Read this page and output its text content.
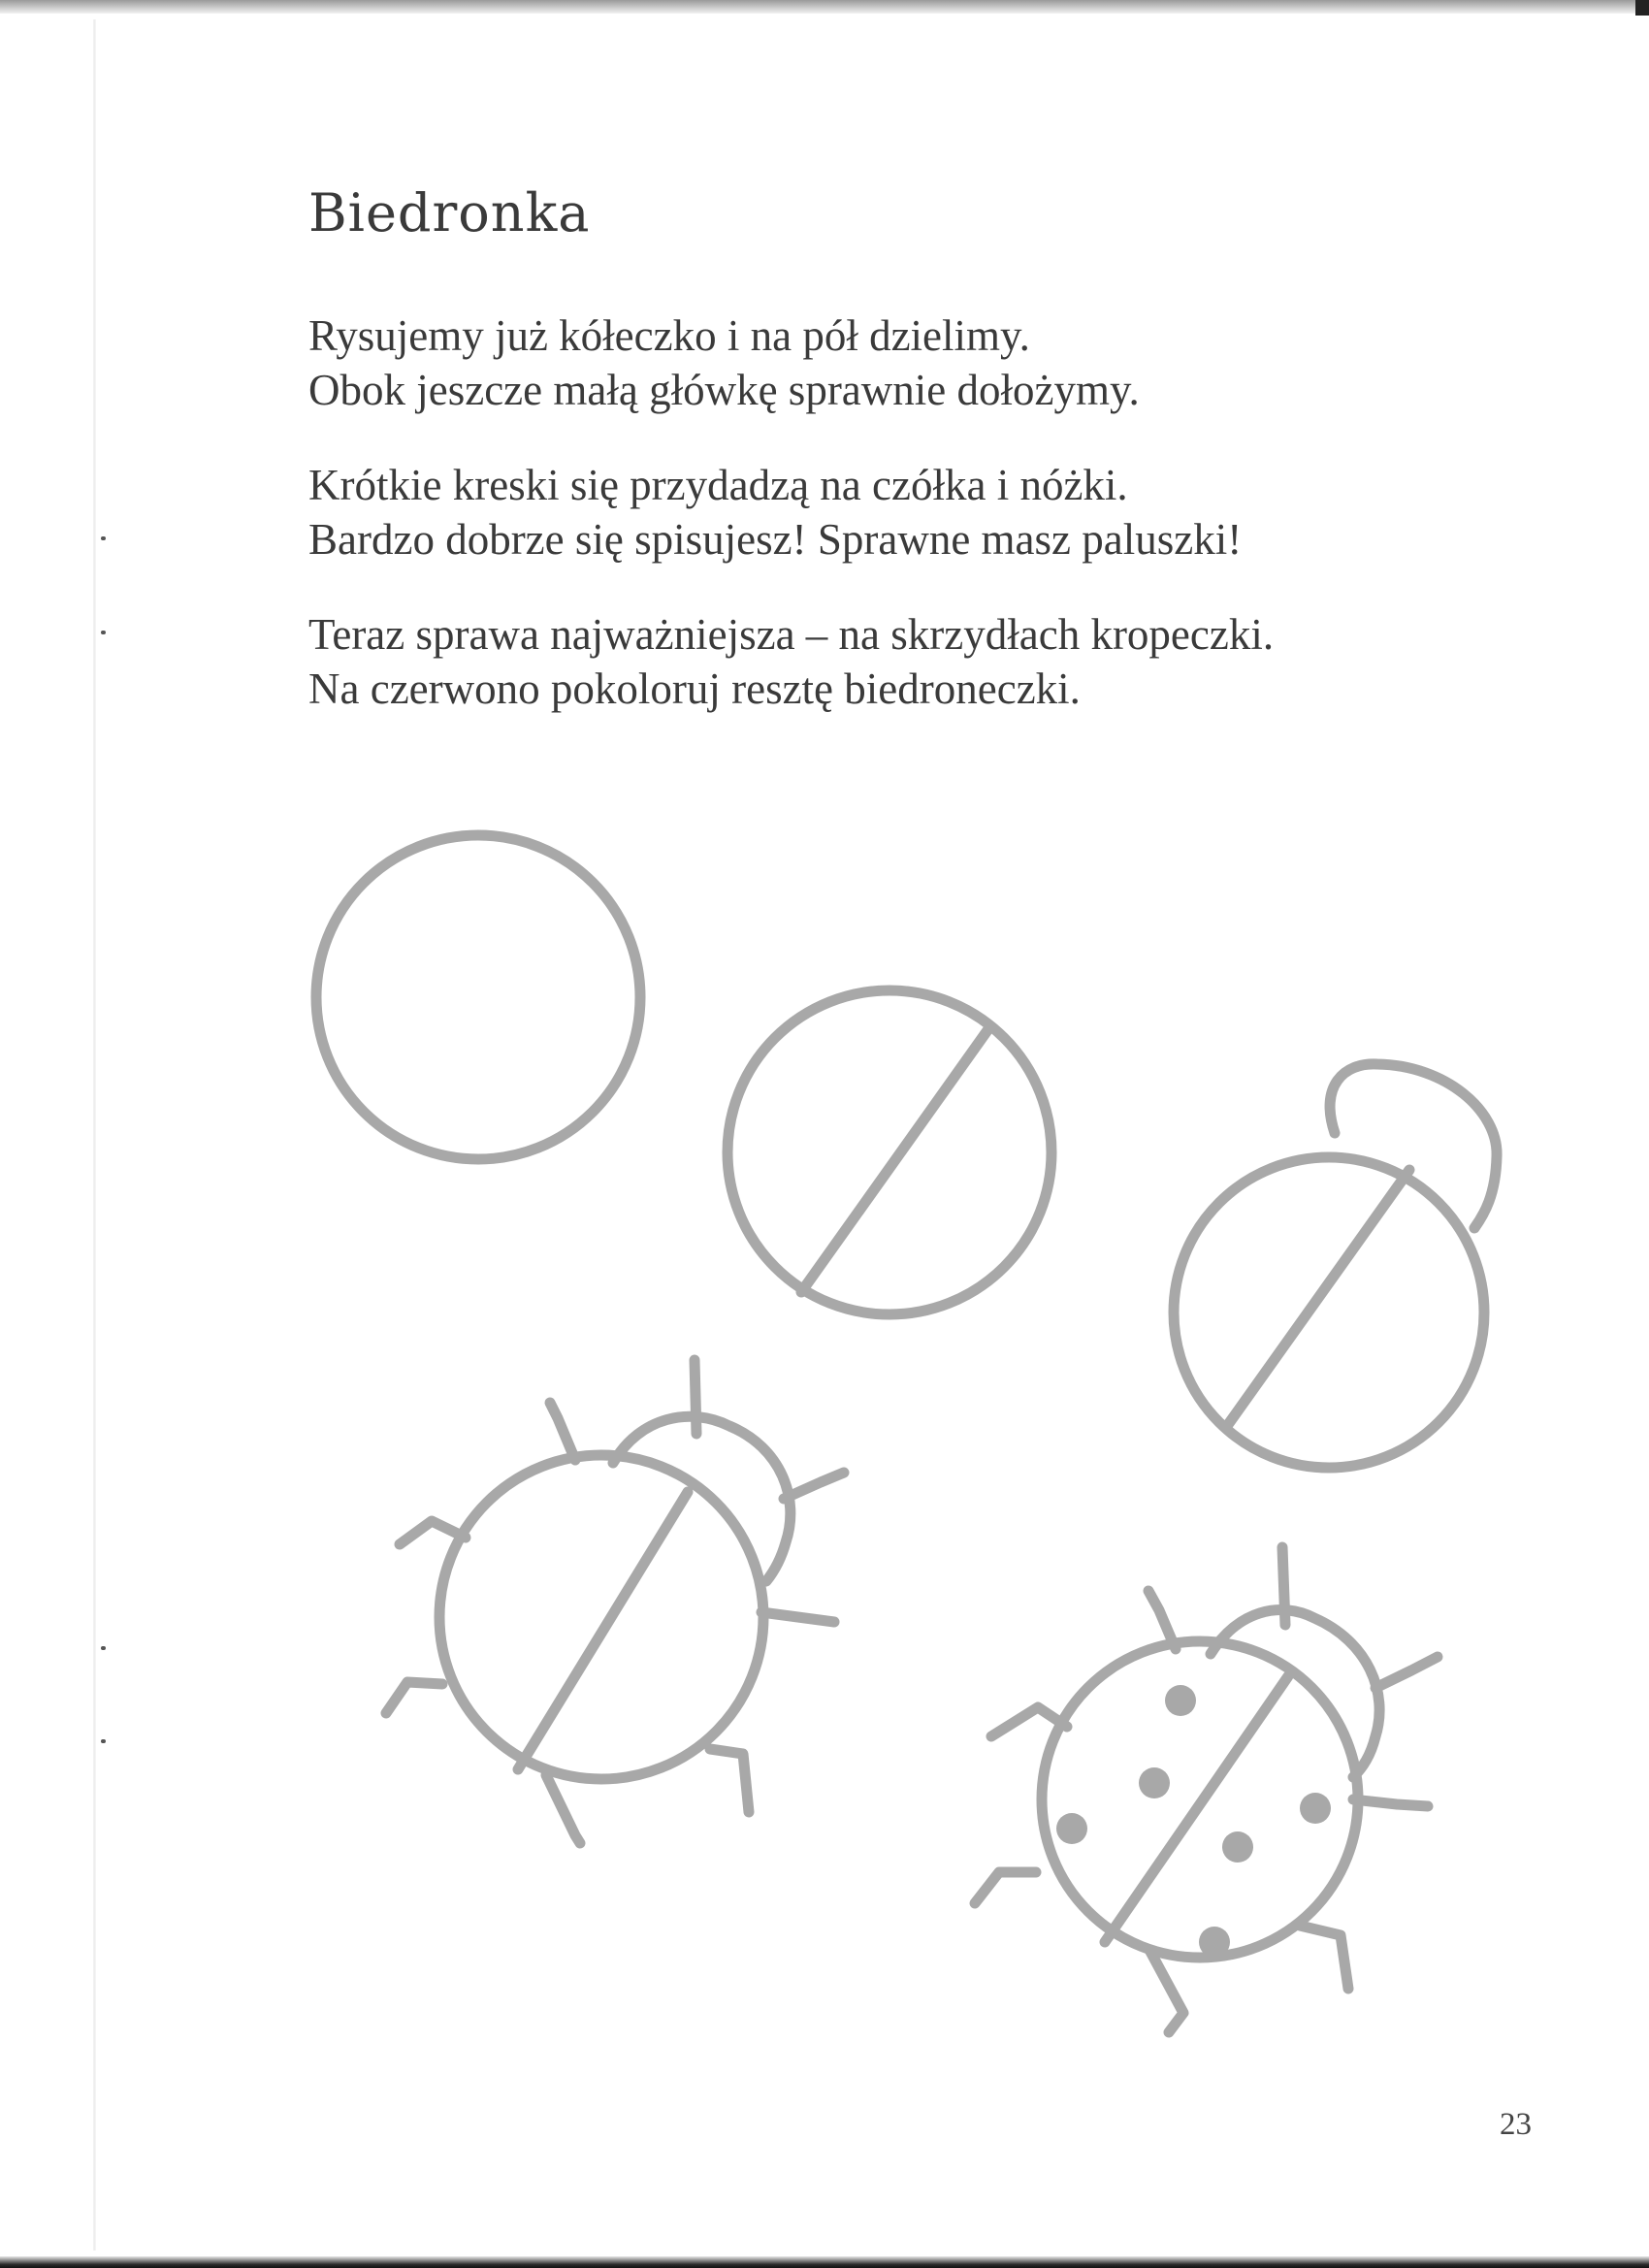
Biedronka

Rysujemy już kółeczko i na pół dzielimy.
Obok jeszcze małą główkę sprawnie dołożymy.

Krótkie kreski się przydadzą na czółka i nóżki.
Bardzo dobrze się spisujesz! Sprawne masz paluszki!

Teraz sprawa najważniejsza – na skrzydłach kropeczki.
Na czerwono pokoloruj resztę biedroneczki.

23
